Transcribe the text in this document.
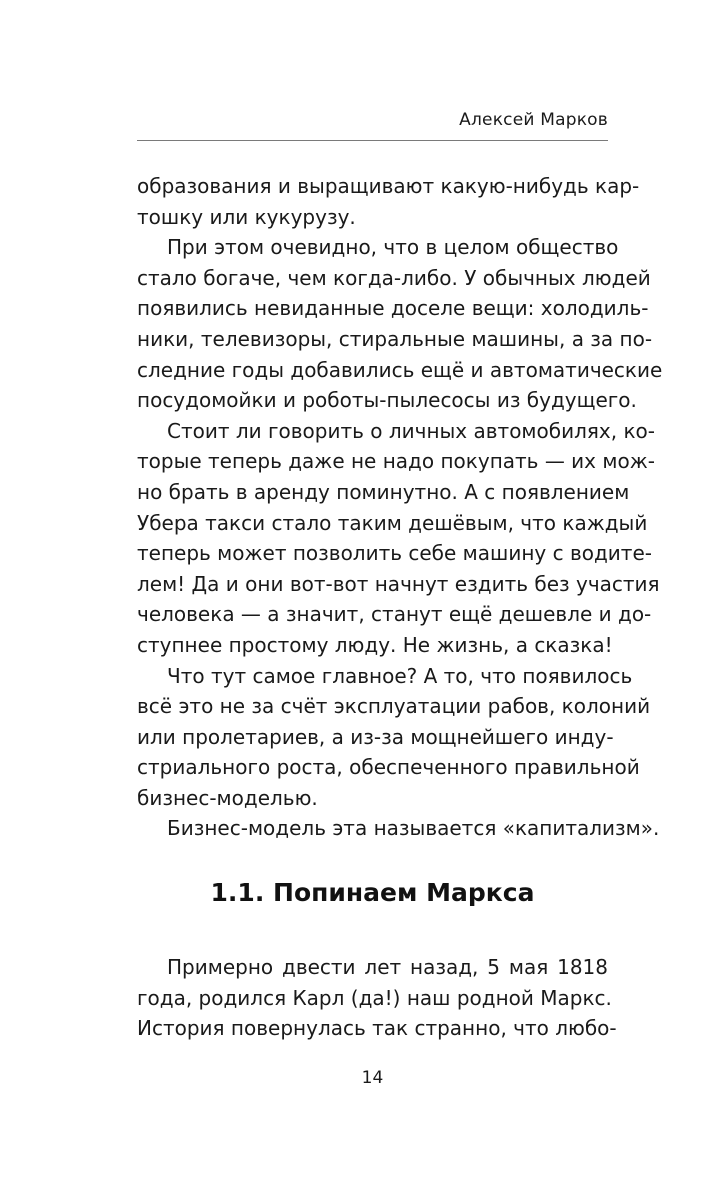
Алексей Марков
образования и выращивают какую-нибудь кар-
тошку или кукурузу.
При этом очевидно, что в целом общество
стало богаче, чем когда-либо. У обычных людей
появились невиданные доселе вещи: холодиль-
ники, телевизоры, стиральные машины, а за по-
следние годы добавились ещё и автоматические
посудомойки и роботы-пылесосы из будущего.
Стоит ли говорить о личных автомобилях, ко-
торые теперь даже не надо покупать — их мож-
но брать в аренду поминутно. А с появлением
Убера такси стало таким дешёвым, что каждый
теперь может позволить себе машину с водите-
лем! Да и они вот-вот начнут ездить без участия
человека — а значит, станут ещё дешевле и до-
ступнее простому люду. Не жизнь, а сказка!
Что тут самое главное? А то, что появилось
всё это не за счёт эксплуатации рабов, колоний
или пролетариев, а из-за мощнейшего инду-
стриального роста, обеспеченного правильной
бизнес-моделью.
Бизнес-модель эта называется «капитализм».
1.1. Попинаем Маркса
Примерно двести лет назад, 5 мая 1818
года, родился Карл (да!) наш родной Маркс.
История повернулась так странно, что любо-
14
